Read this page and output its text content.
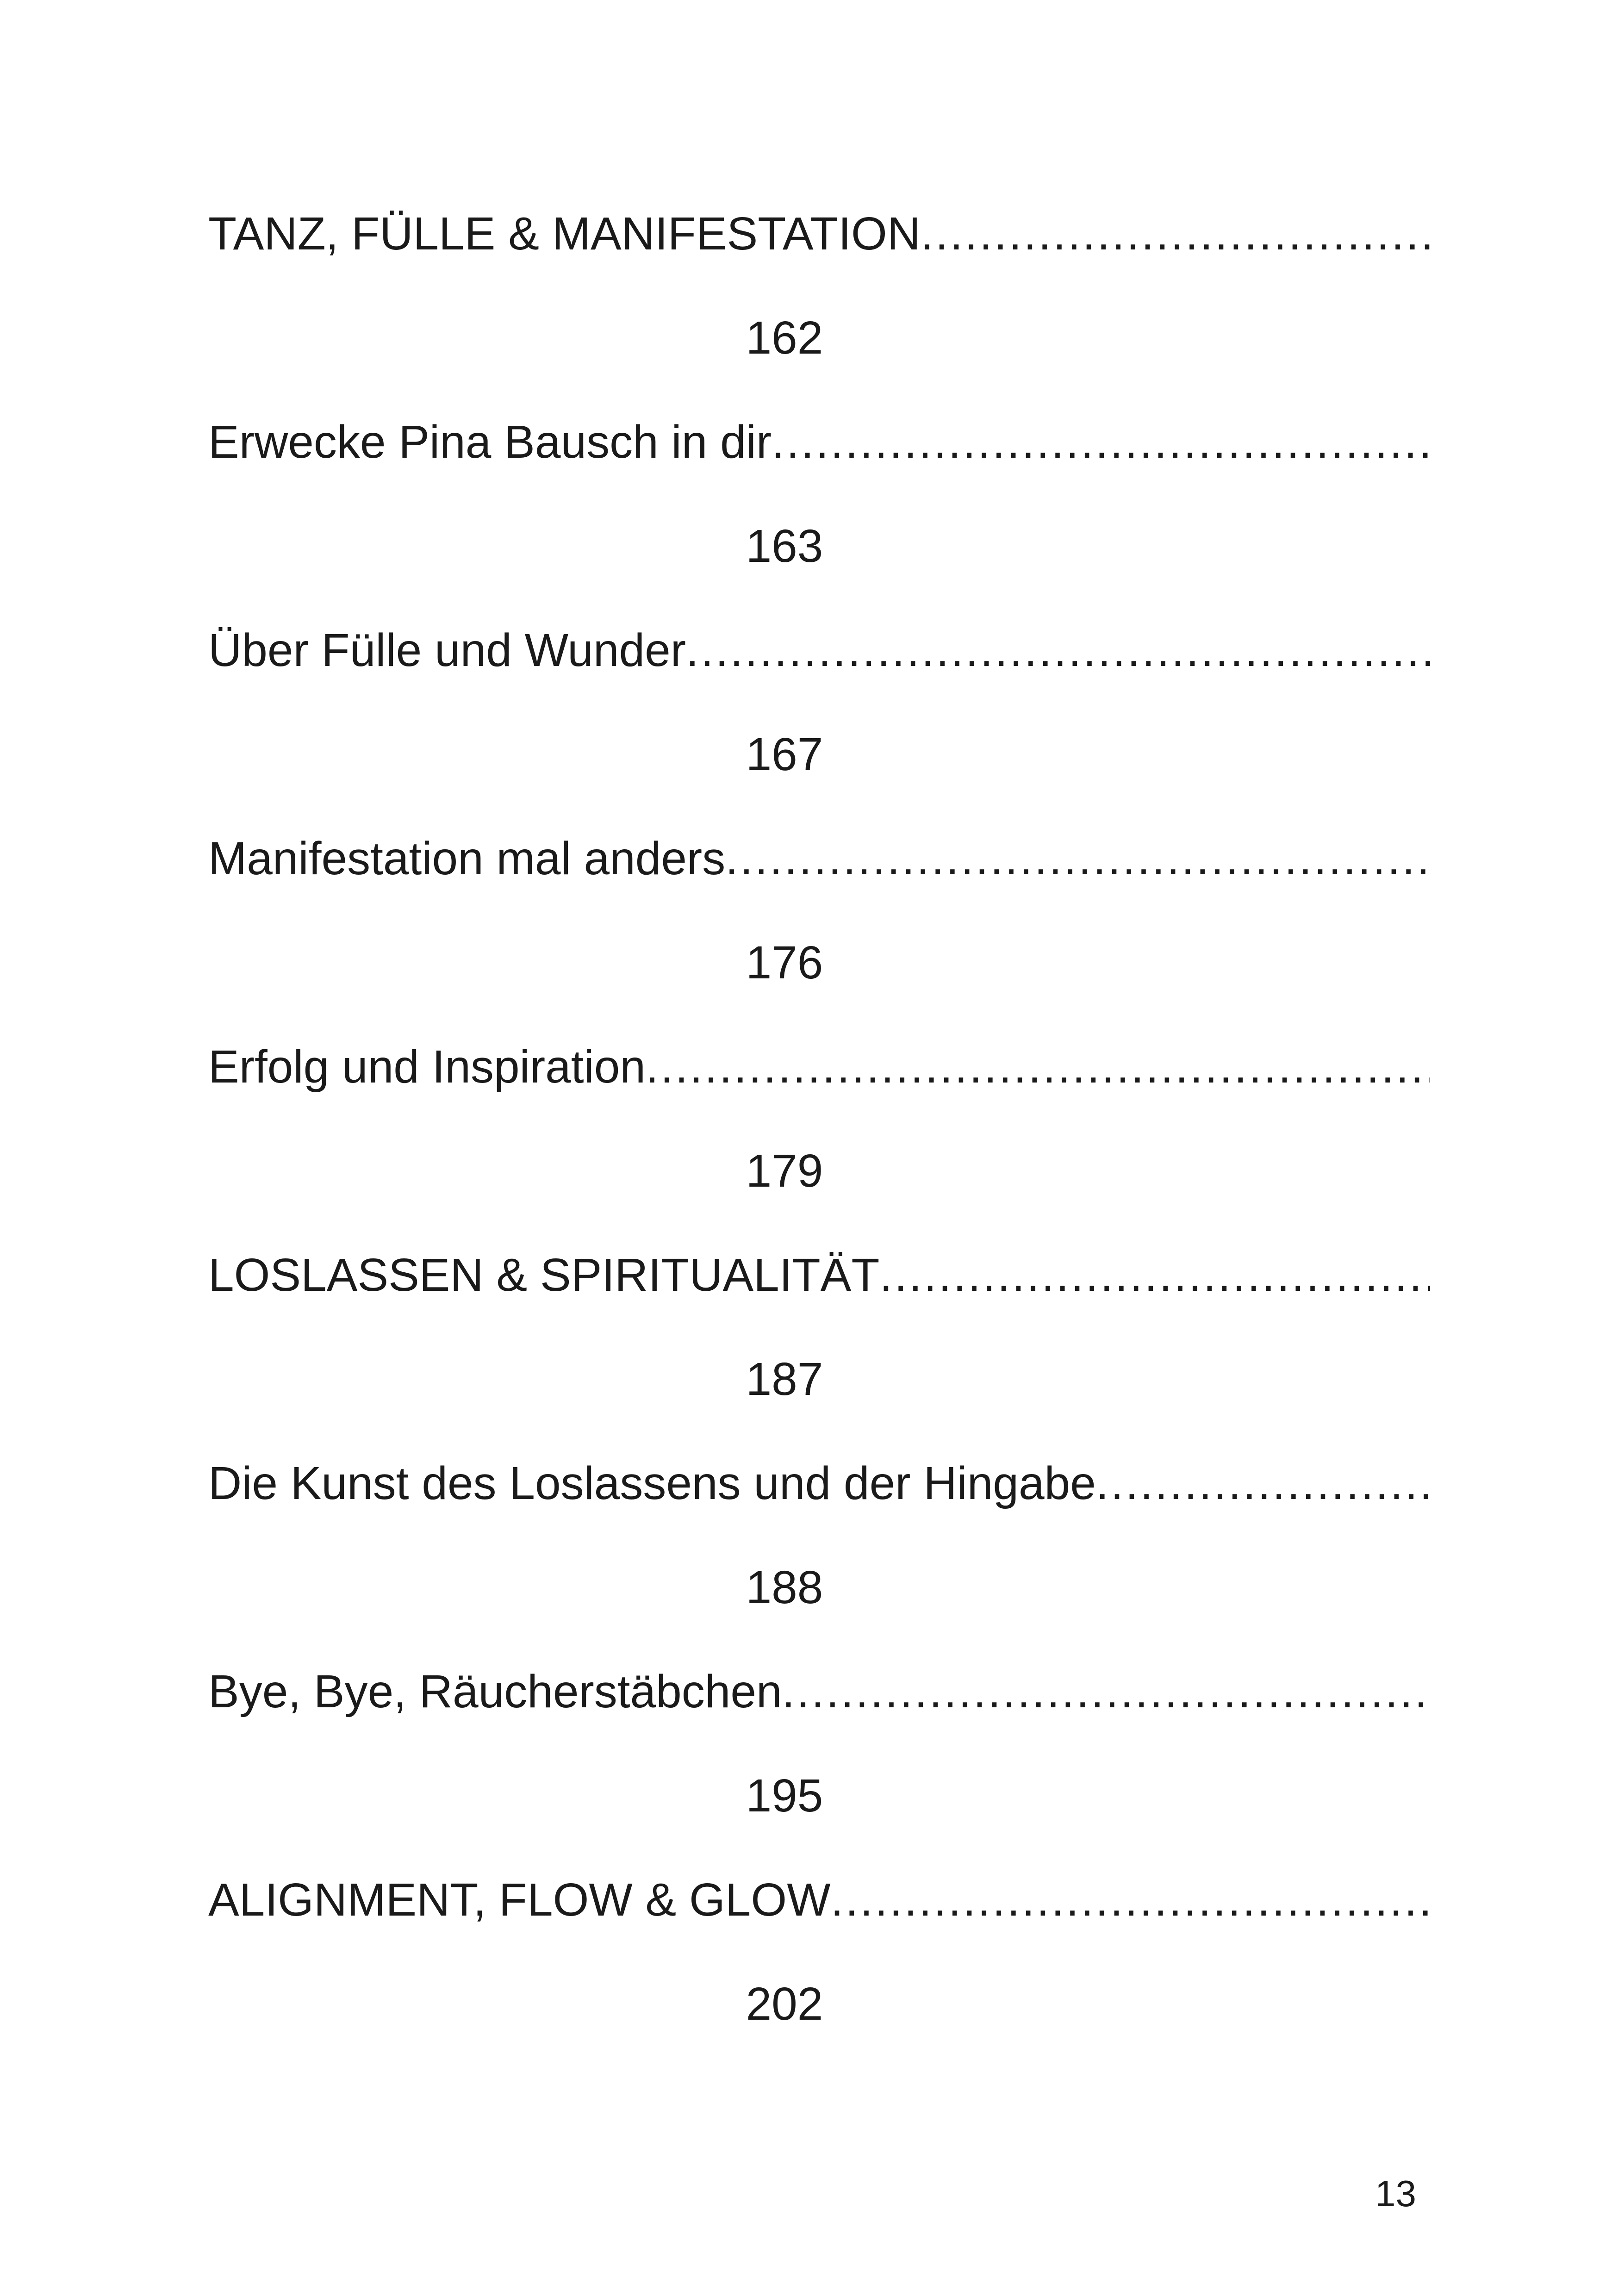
TANZ, FÜLLE & MANIFESTATION
.....
162
Erwecke Pina Bausch in dir
.....
163
Über Fülle und Wunder
.....
167
Manifestation mal anders
.....
176
Erfolg und Inspiration
.....
179
LOSLASSEN & SPIRITUALITÄT
.....
187
Die Kunst des Loslassens und der Hingabe
.....
188
Bye, Bye, Räucherstäbchen
.....
195
ALIGNMENT, FLOW & GLOW
.....
202
13
